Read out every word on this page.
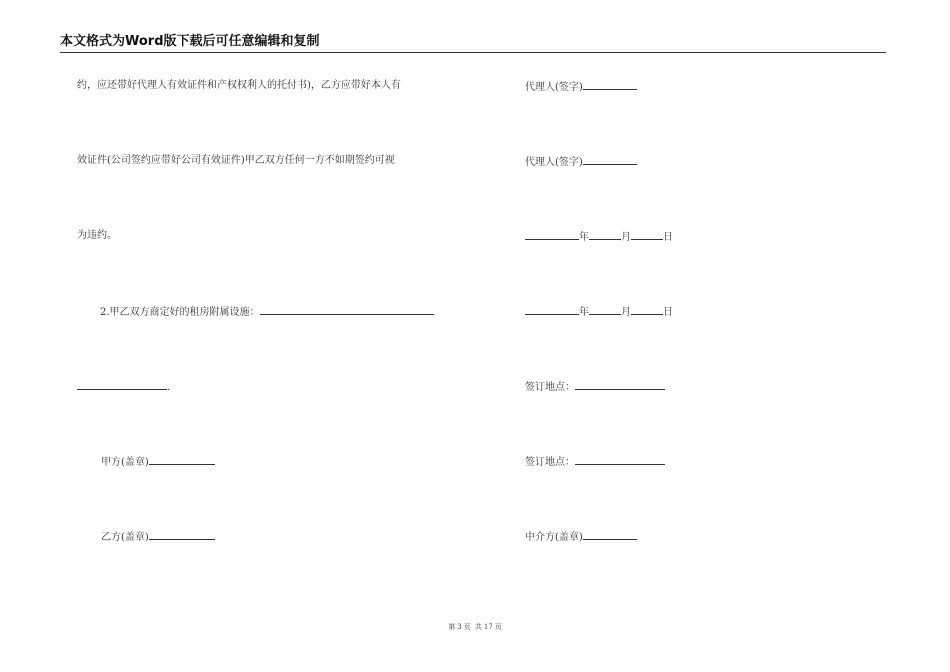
本文格式为Word版下载后可任意编辑和复制
约，应还带好代理人有效证件和产权权利人的托付书)，乙方应带好本人有
效证件(公司签约应带好公司有效证件)甲乙双方任何一方不如期签约可视
为违约。
2.甲乙双方商定好的租房附属设施：
.
甲方(盖章)
乙方(盖章)
代理人(签字)
代理人(签字)
年	月	日
年	月	日
签订地点：
签订地点：
中介方(盖章)
第 3 页 共 17 页
